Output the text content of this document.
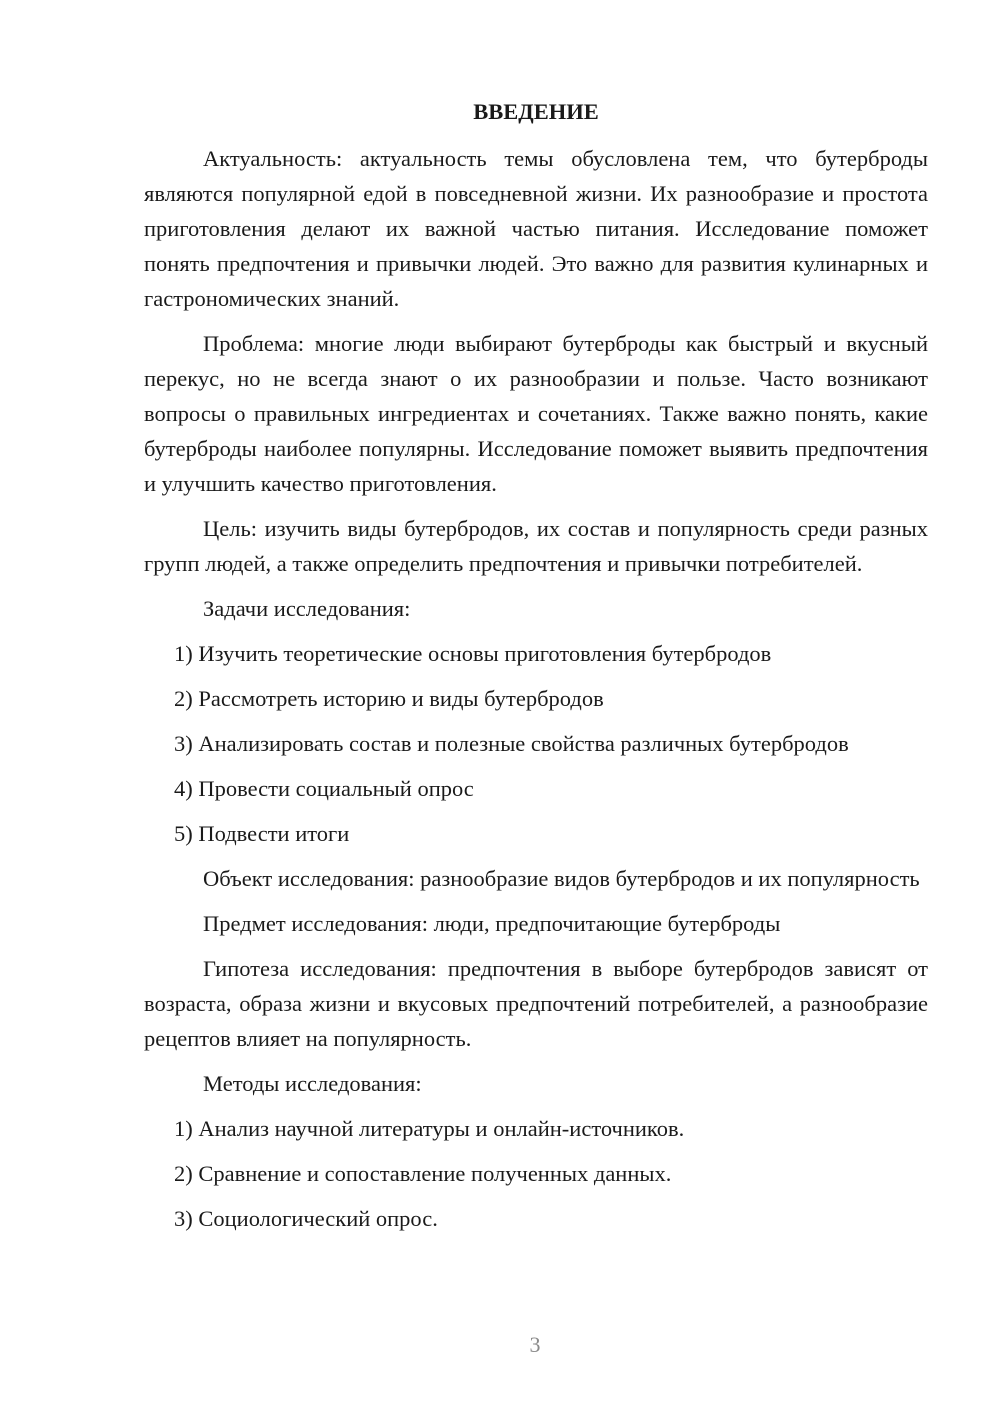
ВВЕДЕНИЕ

Актуальность: актуальность темы обусловлена тем, что бутерброды являются популярной едой в повседневной жизни. Их разнообразие и простота приготовления делают их важной частью питания. Исследование поможет понять предпочтения и привычки людей. Это важно для развития кулинарных и гастрономических знаний.

Проблема: многие люди выбирают бутерброды как быстрый и вкусный перекус, но не всегда знают о их разнообразии и пользе. Часто возникают вопросы о правильных ингредиентах и сочетаниях. Также важно понять, какие бутерброды наиболее популярны. Исследование поможет выявить предпочтения и улучшить качество приготовления.

Цель: изучить виды бутербродов, их состав и популярность среди разных групп людей, а также определить предпочтения и привычки потребителей.

Задачи исследования:

1) Изучить теоретические основы приготовления бутербродов
2) Рассмотреть историю и виды бутербродов
3) Анализировать состав и полезные свойства различных бутербродов
4) Провести социальный опрос
5) Подвести итоги

Объект исследования: разнообразие видов бутербродов и их популярность

Предмет исследования: люди, предпочитающие бутерброды

Гипотеза исследования: предпочтения в выборе бутербродов зависят от возраста, образа жизни и вкусовых предпочтений потребителей, а разнообразие рецептов влияет на популярность.

Методы исследования:

1) Анализ научной литературы и онлайн-источников.
2) Сравнение и сопоставление полученных данных.
3) Социологический опрос.
3
